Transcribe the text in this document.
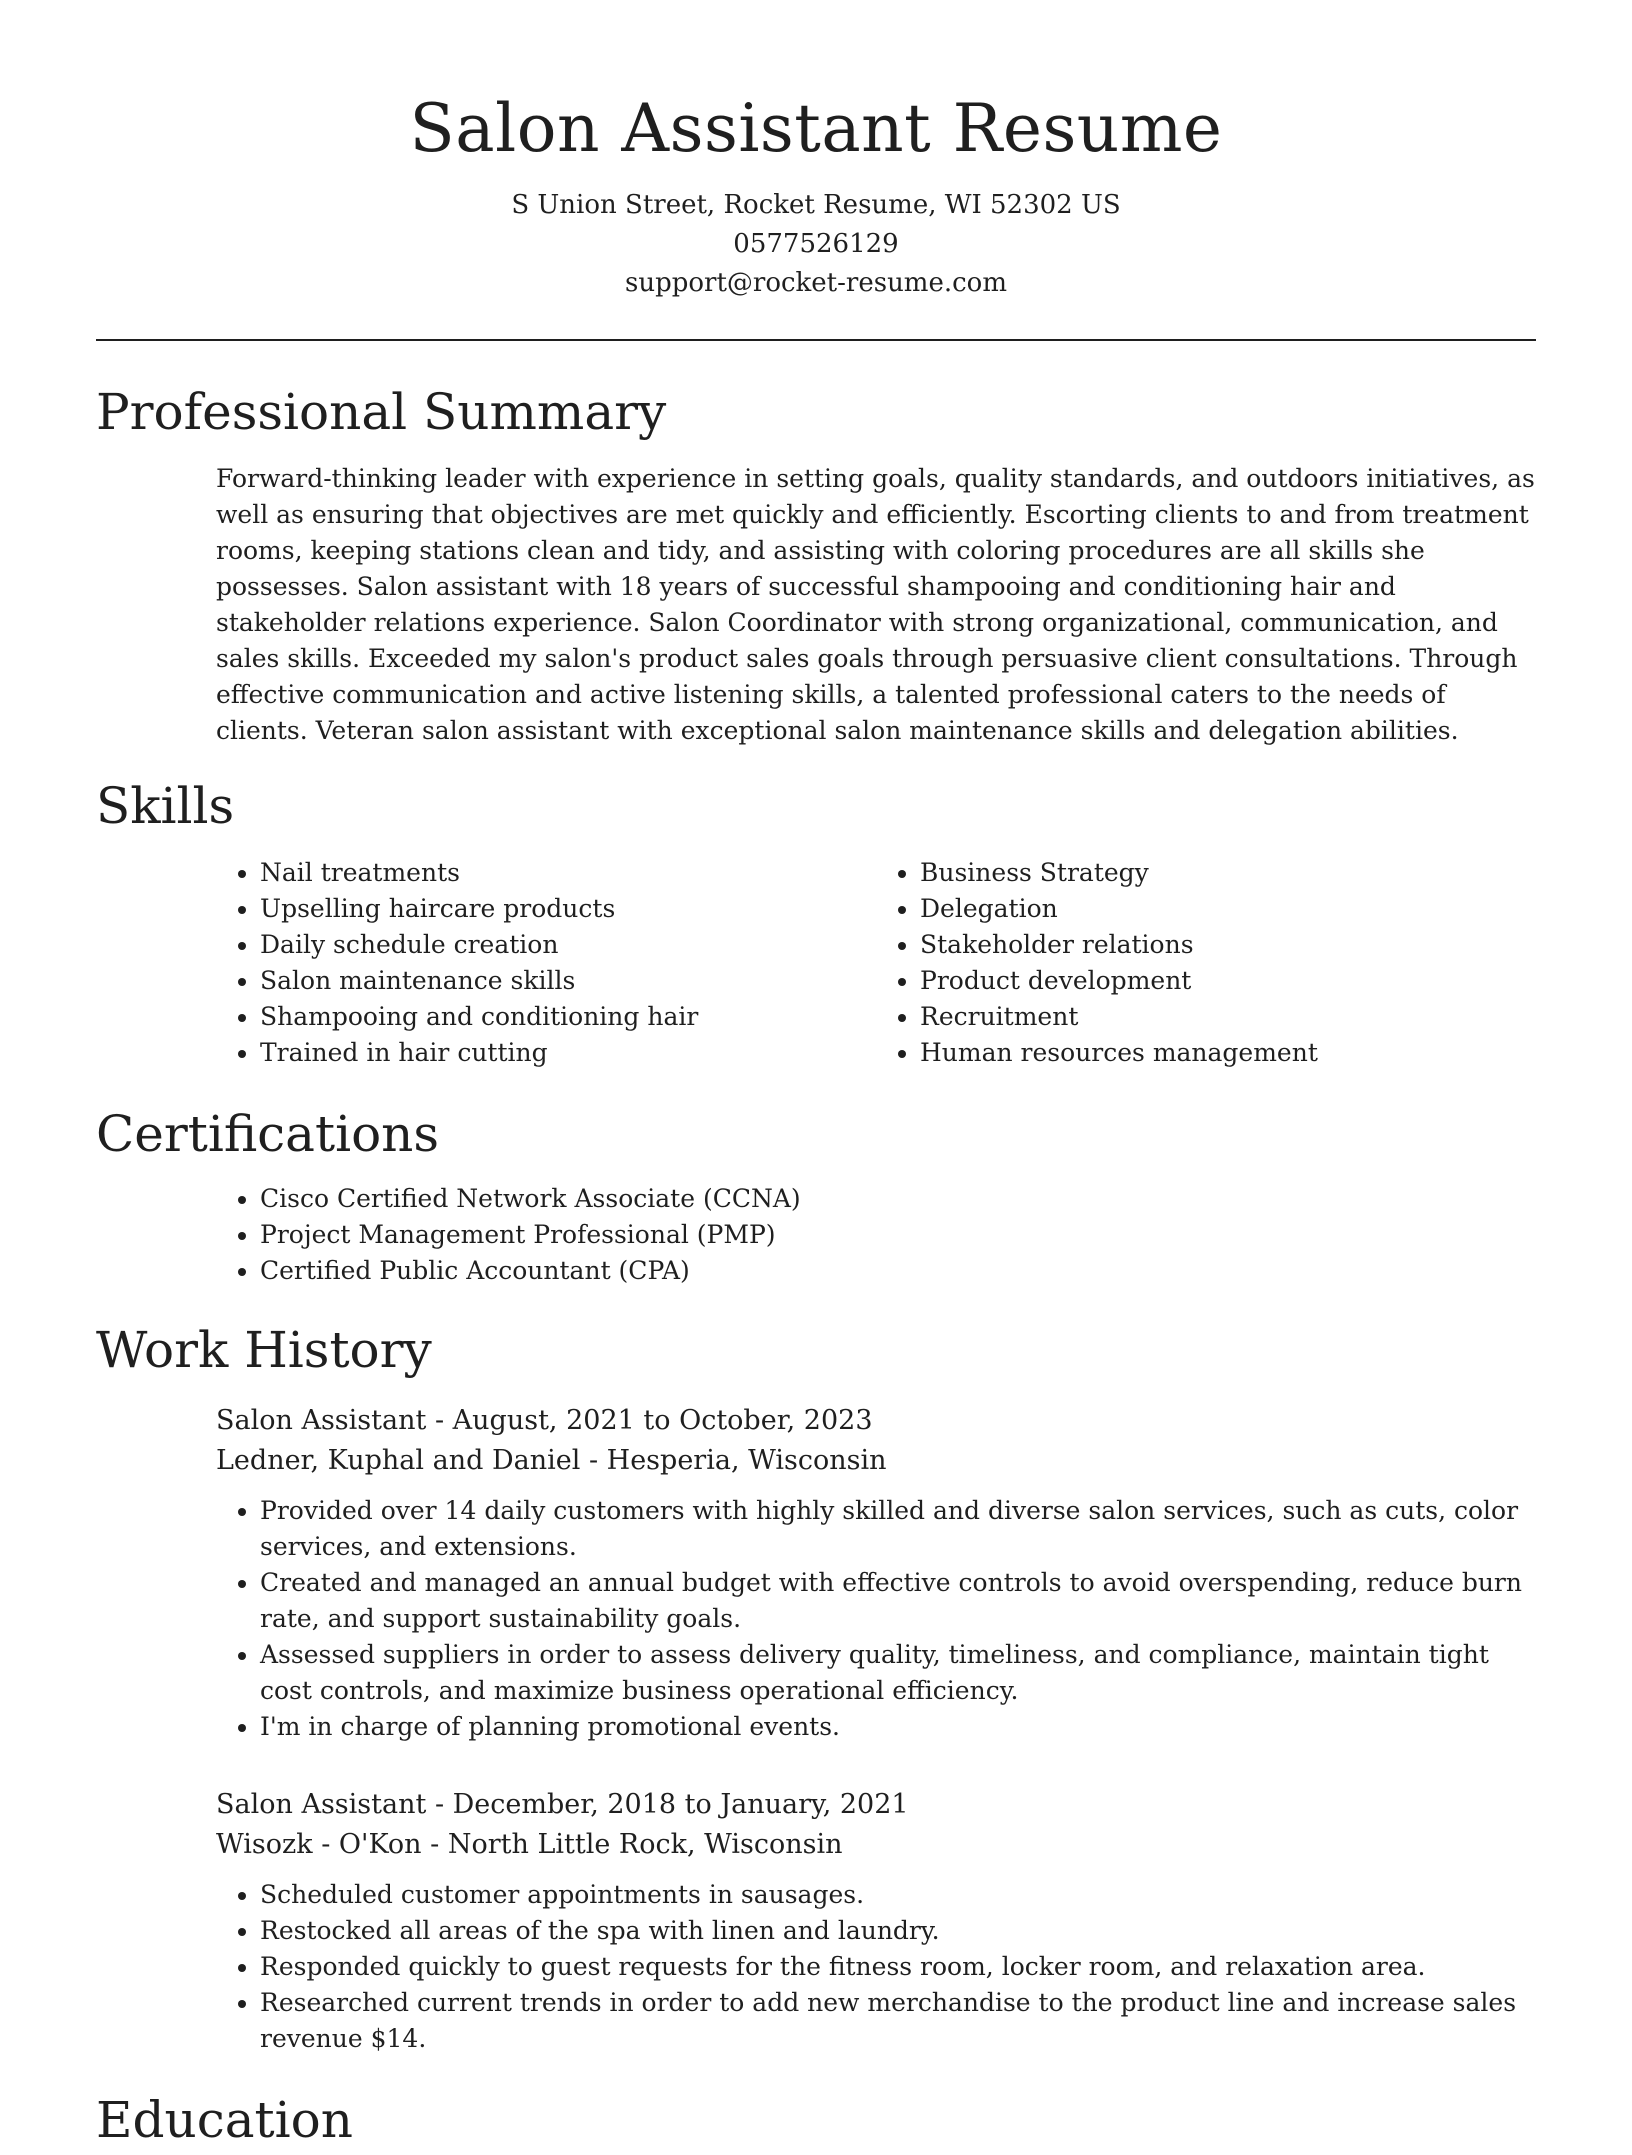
Salon Assistant Resume
S Union Street, Rocket Resume, WI 52302 US
0577526129
support@rocket-resume.com
Professional Summary

Forward-thinking leader with experience in setting goals, quality standards, and outdoors initiatives, as well as ensuring that objectives are met quickly and efficiently. Escorting clients to and from treatment rooms, keeping stations clean and tidy, and assisting with coloring procedures are all skills she possesses. Salon assistant with 18 years of successful shampooing and conditioning hair and stakeholder relations experience. Salon Coordinator with strong organizational, communication, and sales skills. Exceeded my salon's product sales goals through persuasive client consultations. Through effective communication and active listening skills, a talented professional caters to the needs of clients. Veteran salon assistant with exceptional salon maintenance skills and delegation abilities.

Skills
• Nail treatments
• Upselling haircare products
• Daily schedule creation
• Salon maintenance skills
• Shampooing and conditioning hair
• Trained in hair cutting
• Business Strategy
• Delegation
• Stakeholder relations
• Product development
• Recruitment
• Human resources management
Certifications
• Cisco Certified Network Associate (CCNA)
• Project Management Professional (PMP)
• Certified Public Accountant (CPA)
Work History
Salon Assistant - August, 2021 to October, 2023
Ledner, Kuphal and Daniel - Hesperia, Wisconsin
• Provided over 14 daily customers with highly skilled and diverse salon services, such as cuts, color services, and extensions.
• Created and managed an annual budget with effective controls to avoid overspending, reduce burn rate, and support sustainability goals.
• Assessed suppliers in order to assess delivery quality, timeliness, and compliance, maintain tight cost controls, and maximize business operational efficiency.
• I'm in charge of planning promotional events.
Salon Assistant - December, 2018 to January, 2021
Wisozk - O'Kon - North Little Rock, Wisconsin
• Scheduled customer appointments in sausages.
• Restocked all areas of the spa with linen and laundry.
• Responded quickly to guest requests for the fitness room, locker room, and relaxation area.
• Researched current trends in order to add new merchandise to the product line and increase sales revenue $14.
Education
